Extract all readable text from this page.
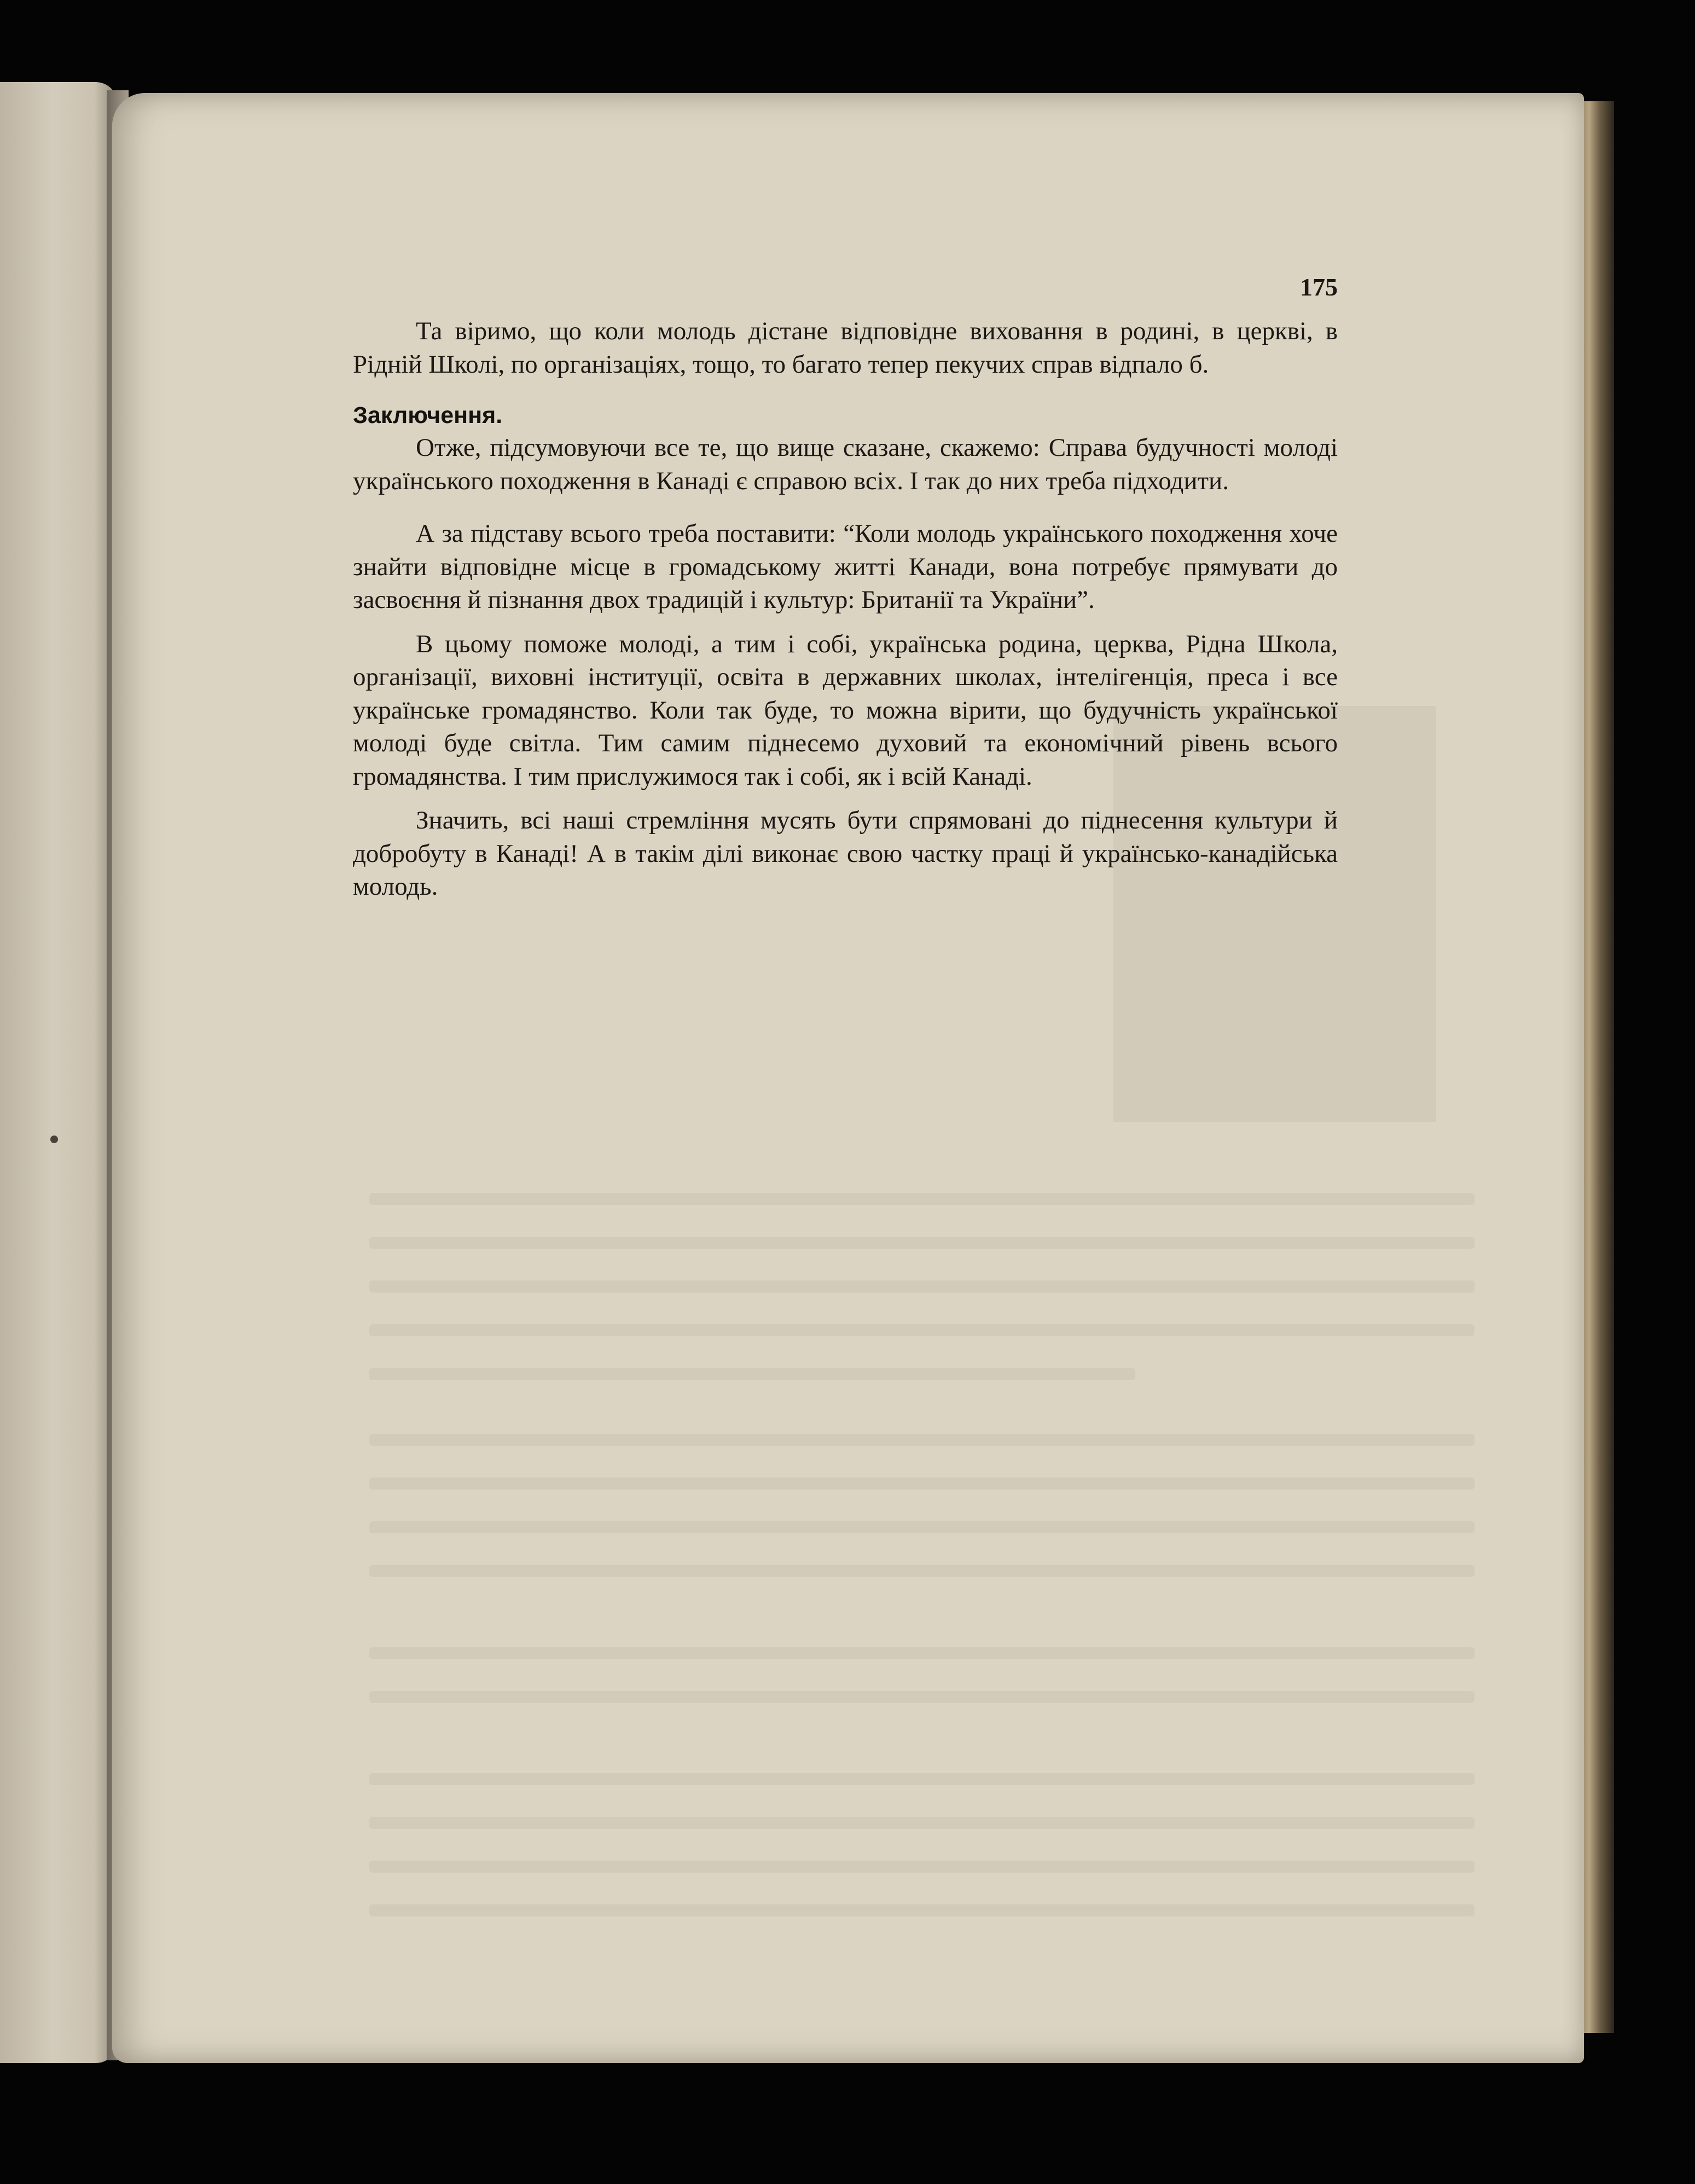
175

Та віримо, що коли молодь дістане відповідне виховання в родині, в церкві, в Рідній Школі, по організаціях, тощо, то багато тепер пекучих справ відпало б.

Заключення.

Отже, підсумовуючи все те, що вище сказане, скажемо: Справа будучності молоді українського походження в Канаді є справою всіх. І так до них треба підходити.

А за підставу всього треба поставити: “Коли молодь українського походження хоче знайти відповідне місце в громадському житті Канади, вона потребує прямувати до засвоєння й пізнання двох традицій і культур: Британії та України”.

В цьому поможе молоді, а тим і собі, українська родина, церква, Рідна Школа, організації, виховні інституції, освіта в державних школах, інтелігенція, преса і все українське громадянство. Коли так буде, то можна вірити, що будучність української молоді буде світла. Тим самим піднесемо духовий та економічний рівень всього громадянства. І тим прислужимося так і собі, як і всій Канаді.

Значить, всі наші стремління мусять бути спрямовані до піднесення культури й добробуту в Канаді! А в такім ділі виконає свою частку праці й українсько-канадійська молодь.
